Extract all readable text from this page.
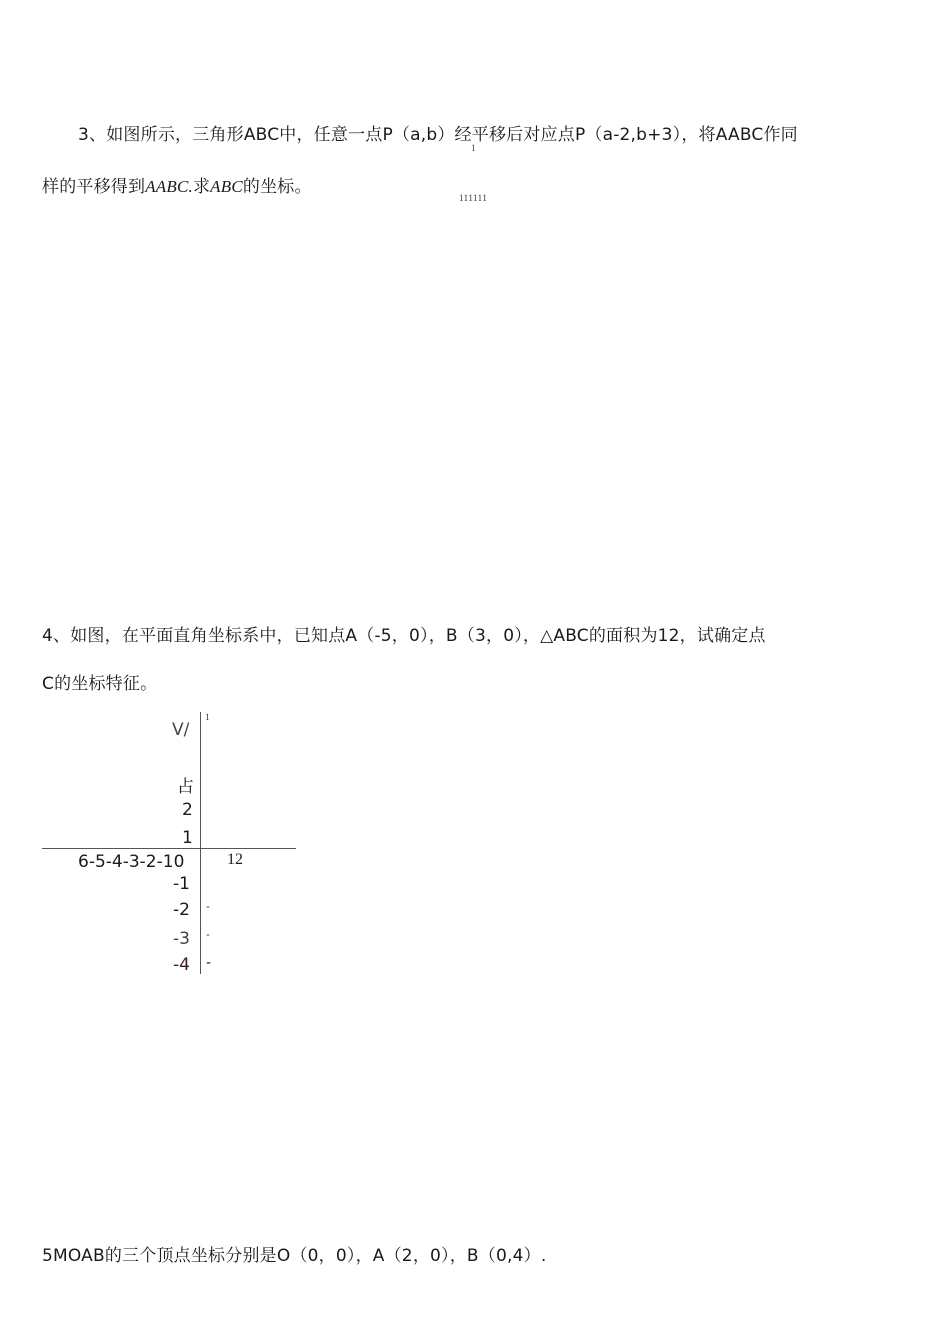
3、如图所示，三角形ABC中，任意一点P（a,b）经平移后对应点P（a-2,b+3），将AABC作同
1
样的平移得到AABC.求ABC的坐标。
111111
4、如图，在平面直角坐标系中，已知点A（-5，0），B（3，0），△ABC的面积为12，试确定点
C的坐标特征。
1
V/
占
2
1
6-5-4-3-2-10	12
-1
-2 -
-3 -
-4 -
5MOAB的三个顶点坐标分别是O（0，0），A（2，0），B（0,4）.
